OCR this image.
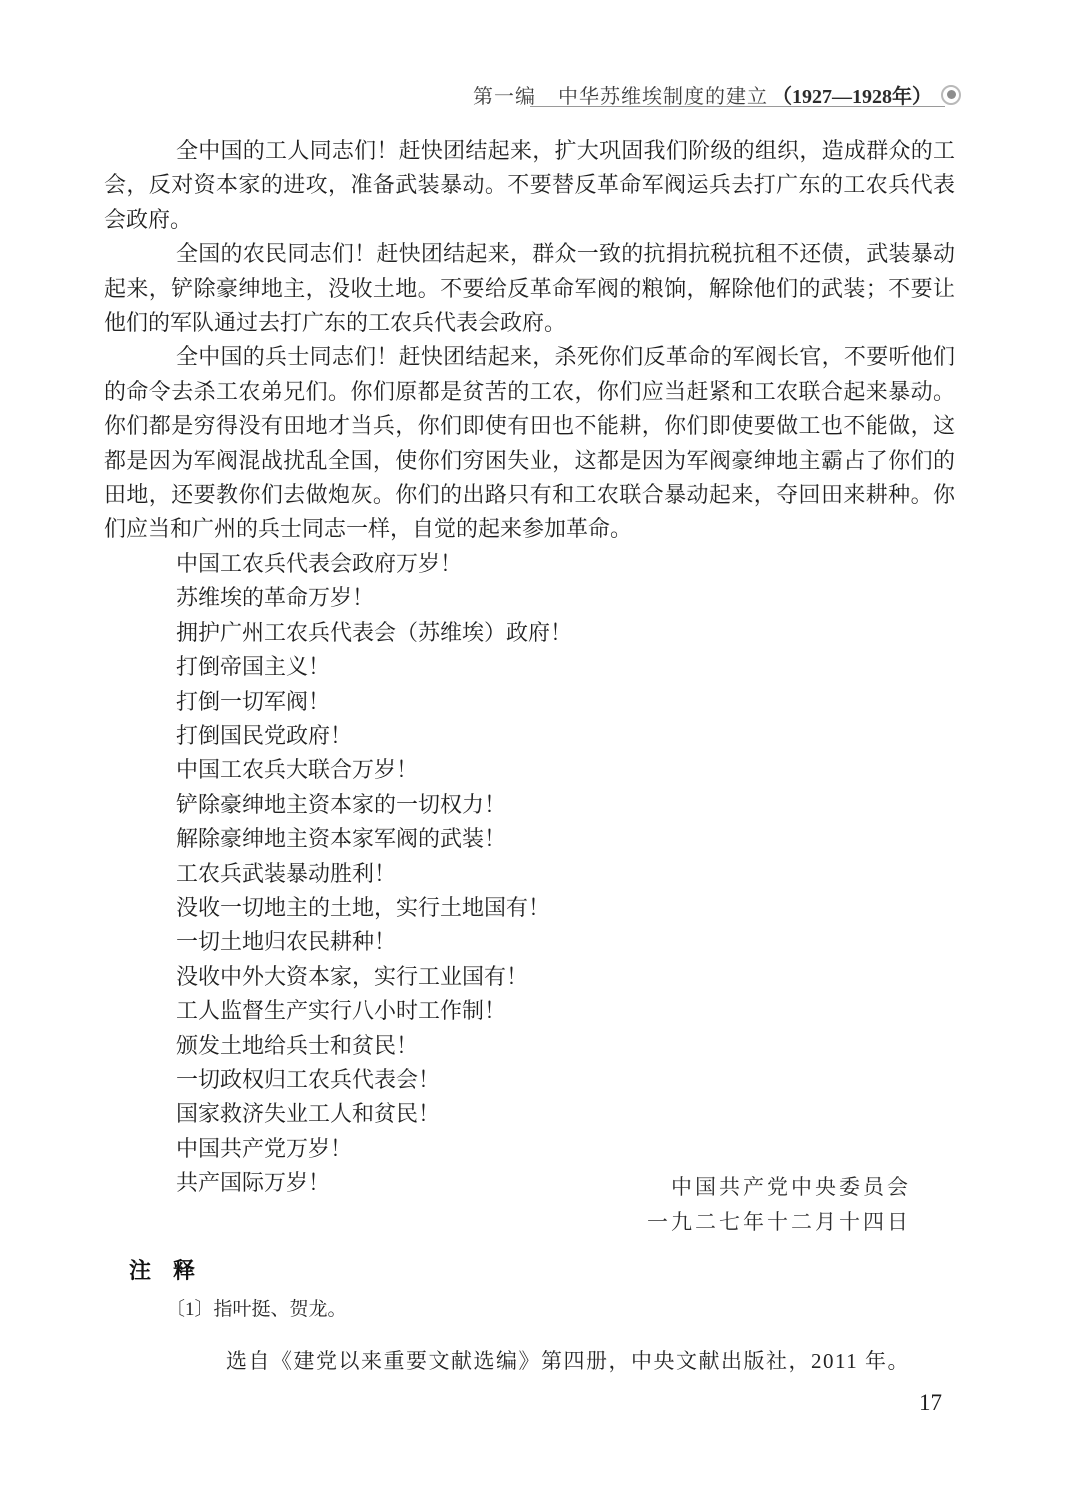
第一编 中华苏维埃制度的建立 （1927—1928年）

全中国的工人同志们！赶快团结起来，扩大巩固我们阶级的组织，造成群众的工会，反对资本家的进攻，准备武装暴动。不要替反革命军阀运兵去打广东的工农兵代表会政府。

全国的农民同志们！赶快团结起来，群众一致的抗捐抗税抗租不还债，武装暴动起来，铲除豪绅地主，没收土地。不要给反革命军阀的粮饷，解除他们的武装；不要让他们的军队通过去打广东的工农兵代表会政府。

全中国的兵士同志们！赶快团结起来，杀死你们反革命的军阀长官，不要听他们的命令去杀工农弟兄们。你们原都是贫苦的工农，你们应当赶紧和工农联合起来暴动。你们都是穷得没有田地才当兵，你们即使有田也不能耕，你们即使要做工也不能做，这都是因为军阀混战扰乱全国，使你们穷困失业，这都是因为军阀豪绅地主霸占了你们的田地，还要教你们去做炮灰。你们的出路只有和工农联合暴动起来，夺回田来耕种。你们应当和广州的兵士同志一样，自觉的起来参加革命。

中国工农兵代表会政府万岁！
苏维埃的革命万岁！
拥护广州工农兵代表会（苏维埃）政府！
打倒帝国主义！
打倒一切军阀！
打倒国民党政府！
中国工农兵大联合万岁！
铲除豪绅地主资本家的一切权力！
解除豪绅地主资本家军阀的武装！
工农兵武装暴动胜利！
没收一切地主的土地，实行土地国有！
一切土地归农民耕种！
没收中外大资本家，实行工业国有！
工人监督生产实行八小时工作制！
颁发土地给兵士和贫民！
一切政权归工农兵代表会！
国家救济失业工人和贫民！
中国共产党万岁！
共产国际万岁！	中国共产党中央委员会
一九二七年十二月十四日
注　释
〔1〕指叶挺、贺龙。
选自《建党以来重要文献选编》第四册，中央文献出版社，2011 年。
17
